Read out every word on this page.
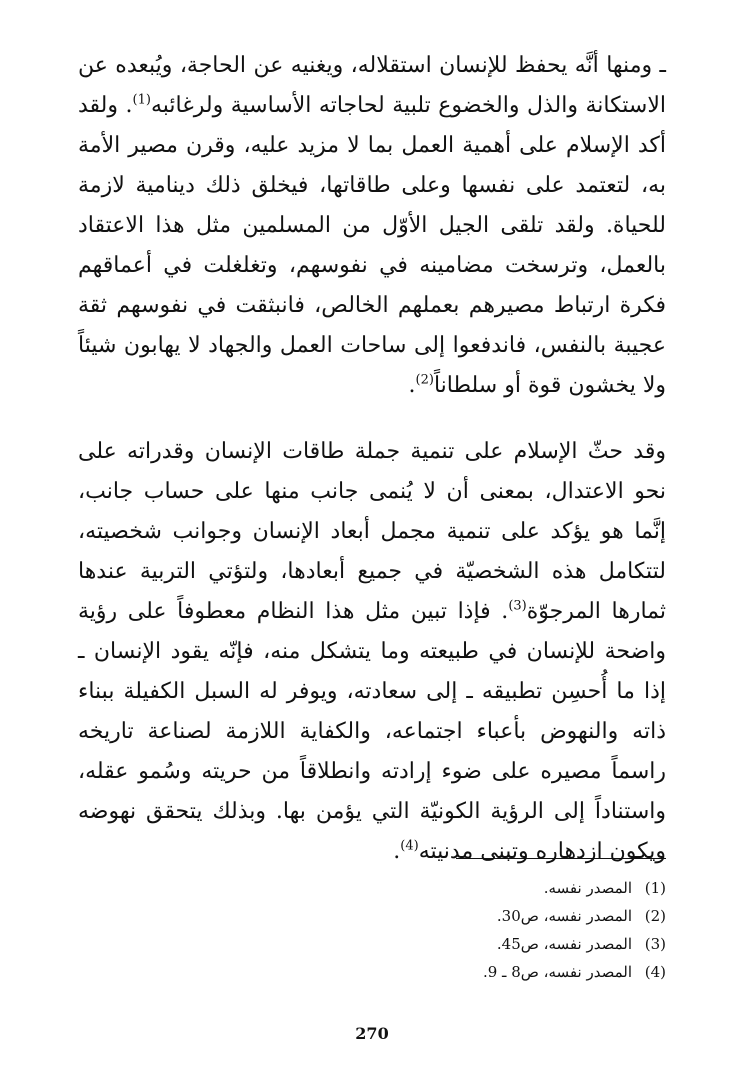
ـ ومنها أنَّه يحفظ للإنسان استقلاله، ويغنيه عن الحاجة، ويُبعده عن الاستكانة والذل والخضوع تلبية لحاجاته الأساسية ولرغائبه$^{(1)}$. ولقد أكد الإسلام على أهمية العمل بما لا مزيد عليه، وقرن مصير الأمة به، لتعتمد على نفسها وعلى طاقاتها، فيخلق ذلك دينامية لازمة للحياة. ولقد تلقى الجيل الأوّل من المسلمين مثل هذا الاعتقاد بالعمل، وترسخت مضامينه في نفوسهم، وتغلغلت في أعماقهم فكرة ارتباط مصيرهم بعملهم الخالص، فانبثقت في نفوسهم ثقة عجيبة بالنفس، فاندفعوا إلى ساحات العمل والجهاد لا يهابون شيئاً ولا يخشون قوة أو سلطاناً$^{(2)}$.

وقد حثّ الإسلام على تنمية جملة طاقات الإنسان وقدراته على نحو الاعتدال، بمعنى أن لا يُنمى جانب منها على حساب جانب، إنَّما هو يؤكد على تنمية مجمل أبعاد الإنسان وجوانب شخصيته، لتتكامل هذه الشخصيّة في جميع أبعادها، ولتؤتي التربية عندها ثمارها المرجوّة$^{(3)}$. فإذا تبين مثل هذا النظام معطوفاً على رؤية واضحة للإنسان في طبيعته وما يتشكل منه، فإنّه يقود الإنسان ـ إذا ما أُحسِن تطبيقه ـ إلى سعادته، ويوفر له السبل الكفيلة ببناء ذاته والنهوض بأعباء اجتماعه، والكفاية اللازمة لصناعة تاريخه راسماً مصيره على ضوء إرادته وانطلاقاً من حريته وسُمو عقله، واستناداً إلى الرؤية الكونيّة التي يؤمن بها. وبذلك يتحقق نهوضه ويكون ازدهاره وتبنى مدنيته$^{(4)}$.

(1)المصدر نفسه.
(2)المصدر نفسه، ص30.
(3)المصدر نفسه، ص45.
(4)المصدر نفسه، ص8 ـ 9.
270
